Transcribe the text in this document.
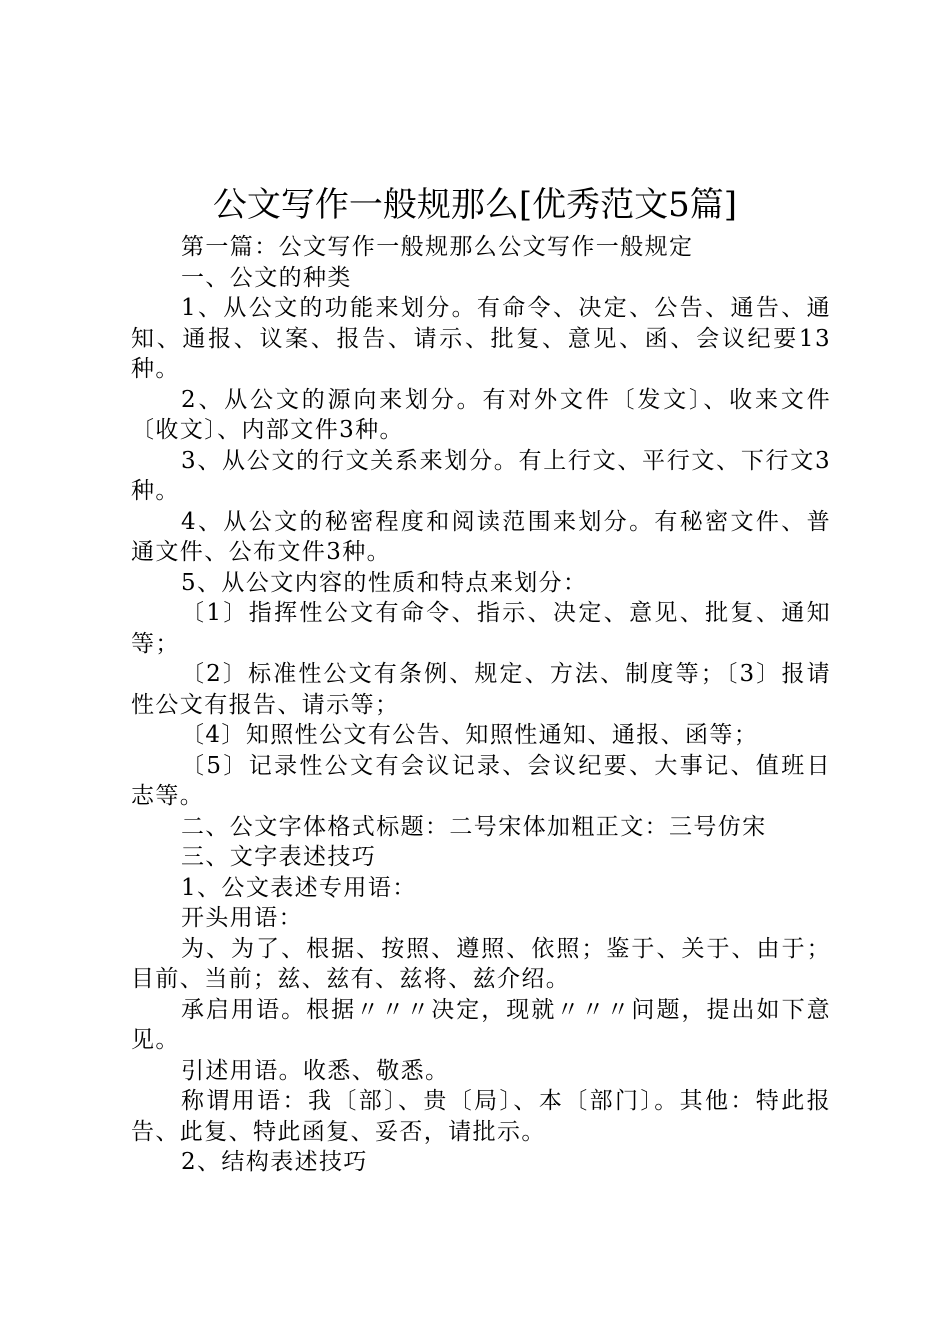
公文写作一般规那么[优秀范文5篇]

第一篇：公文写作一般规那么公文写作一般规定

一、公文的种类

1、从公文的功能来划分。有命令、决定、公告、通告、通知、通报、议案、报告、请示、批复、意见、函、会议纪要13种。

2、从公文的源向来划分。有对外文件〔发文〕、收来文件〔收文〕、内部文件3种。

3、从公文的行文关系来划分。有上行文、平行文、下行文3种。

4、从公文的秘密程度和阅读范围来划分。有秘密文件、普通文件、公布文件3种。

5、从公文内容的性质和特点来划分：

〔1〕指挥性公文有命令、指示、决定、意见、批复、通知等；

〔2〕标准性公文有条例、规定、方法、制度等；〔3〕报请性公文有报告、请示等；

〔4〕知照性公文有公告、知照性通知、通报、函等；

〔5〕记录性公文有会议记录、会议纪要、大事记、值班日志等。

二、公文字体格式标题：二号宋体加粗正文：三号仿宋

三、文字表述技巧

1、公文表述专用语：

开头用语：

为、为了、根据、按照、遵照、依照；鉴于、关于、由于；目前、当前；兹、兹有、兹将、兹介绍。

承启用语。根据〃〃〃决定，现就〃〃〃问题，提出如下意见。

引述用语。收悉、敬悉。

称谓用语：我〔部〕、贵〔局〕、本〔部门〕。其他：特此报告、此复、特此函复、妥否，请批示。

2、结构表述技巧
